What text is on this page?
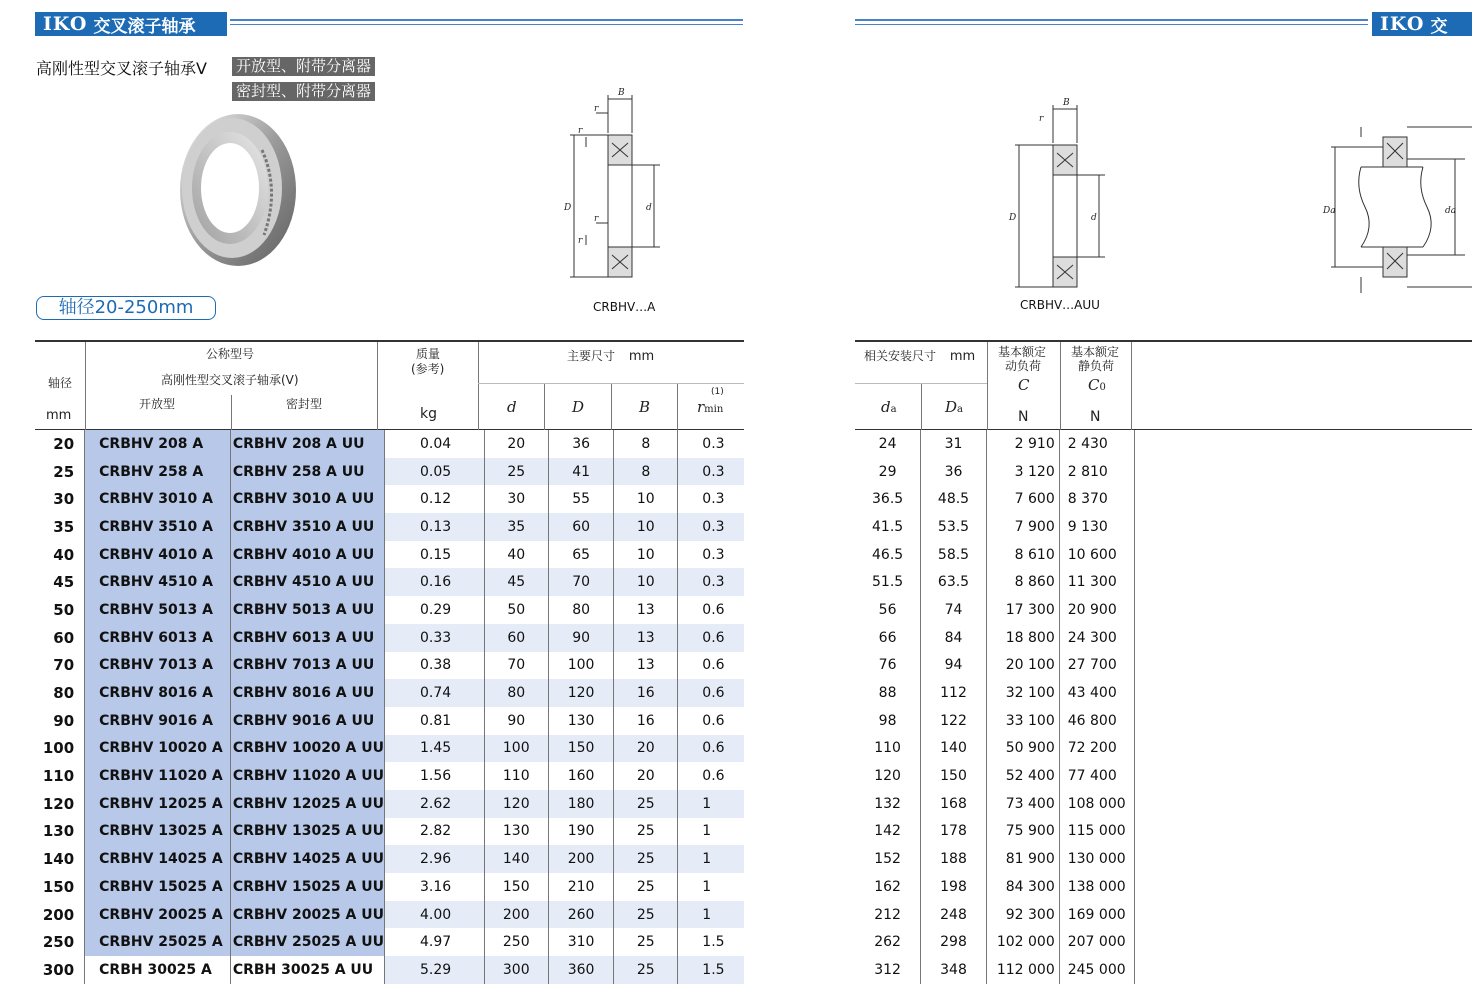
IKO 交叉滚子轴承	IKO 交
高刚性型交叉滚子轴承V 开放型、附带分离器
密封型、附带分离器
轴径20-250mm
B
r
r
D	d
r
r
CRBHV…A
B
r
D	d
CRBHV…AUU
Da	da
轴径
mm
公称型号
高刚性型交叉滚子轴承(V)
开放型	密封型
质量
(参考)
kg
主要尺寸 mm
d	D	B
(1)
rmin
相关安装尺寸 mm
da	Da
基本额定
动负荷
C
N
基本额定
静负荷
C0
N
20	CRBHV 208 A	CRBHV 208 A UU	0.04	20	36	8	0.3
25	CRBHV 258 A	CRBHV 258 A UU	0.05	25	41	8	0.3
30	CRBHV 3010 A	CRBHV 3010 A UU	0.12	30	55	10	0.3
35	CRBHV 3510 A	CRBHV 3510 A UU	0.13	35	60	10	0.3
40	CRBHV 4010 A	CRBHV 4010 A UU	0.15	40	65	10	0.3
45	CRBHV 4510 A	CRBHV 4510 A UU	0.16	45	70	10	0.3
50	CRBHV 5013 A	CRBHV 5013 A UU	0.29	50	80	13	0.6
60	CRBHV 6013 A	CRBHV 6013 A UU	0.33	60	90	13	0.6
70	CRBHV 7013 A	CRBHV 7013 A UU	0.38	70	100	13	0.6
80	CRBHV 8016 A	CRBHV 8016 A UU	0.74	80	120	16	0.6
90	CRBHV 9016 A	CRBHV 9016 A UU	0.81	90	130	16	0.6
100	CRBHV 10020 A	CRBHV 10020 A UU	1.45	100	150	20	0.6
110	CRBHV 11020 A	CRBHV 11020 A UU	1.56	110	160	20	0.6
120	CRBHV 12025 A	CRBHV 12025 A UU	2.62	120	180	25	1
130	CRBHV 13025 A	CRBHV 13025 A UU	2.82	130	190	25	1
140	CRBHV 14025 A	CRBHV 14025 A UU	2.96	140	200	25	1
150	CRBHV 15025 A	CRBHV 15025 A UU	3.16	150	210	25	1
200	CRBHV 20025 A	CRBHV 20025 A UU	4.00	200	260	25	1
250	CRBHV 25025 A	CRBHV 25025 A UU	4.97	250	310	25	1.5
300	CRBH 30025 A	CRBH 30025 A UU	5.29	300	360	25	1.5
24	31	2 910	2 430	
29	36	3 120	2 810	
36.5	48.5	7 600	8 370	
41.5	53.5	7 900	9 130	
46.5	58.5	8 610	10 600	
51.5	63.5	8 860	11 300	
56	74	17 300	20 900	
66	84	18 800	24 300	
76	94	20 100	27 700	
88	112	32 100	43 400	
98	122	33 100	46 800	
110	140	50 900	72 200	
120	150	52 400	77 400	
132	168	73 400	108 000	
142	178	75 900	115 000	
152	188	81 900	130 000	
162	198	84 300	138 000	
212	248	92 300	169 000	
262	298	102 000	207 000	
312	348	112 000	245 000	
